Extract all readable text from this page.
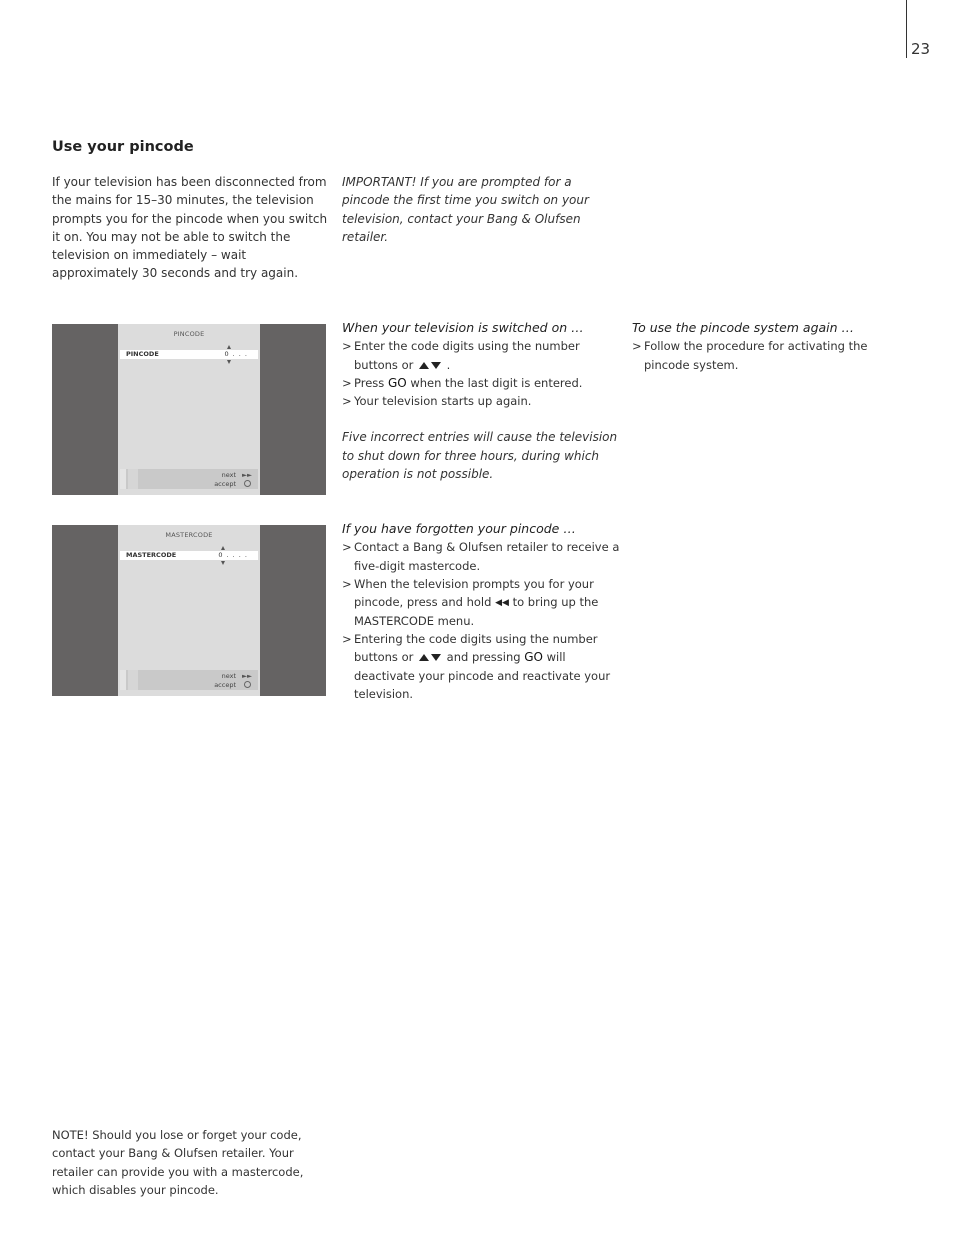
23
Use your pincode

If your television has been disconnected from the mains for 15–30 minutes, the television prompts you for the pincode when you switch it on. You may not be able to switch the television on immediately – wait approximately 30 seconds and try again.

IMPORTANT! If you are prompted for a pincode the first time you switch on your television, contact your Bang & Olufsen retailer.

PINCODE
PINCODE	0 . . .
next
accept
►►
MASTERCODE
MASTERCODE	0 . . . .
next
accept
►►
When your television is switched on …
> Enter the code digits using the number buttons or	.
> Press GO when the last digit is entered.
> Your television starts up again.

Five incorrect entries will cause the television to shut down for three hours, during which operation is not possible.

To use the pincode system again …
> Follow the procedure for activating the pincode system.
If you have forgotten your pincode …
> Contact a Bang & Olufsen retailer to receive a five-digit mastercode.
> When the television prompts you for your pincode, press and hold ◀◀ to bring up the MASTERCODE menu.
> Entering the code digits using the number buttons or	and pressing GO will deactivate your pincode and reactivate your television.

NOTE! Should you lose or forget your code, contact your Bang & Olufsen retailer. Your retailer can provide you with a mastercode, which disables your pincode.
